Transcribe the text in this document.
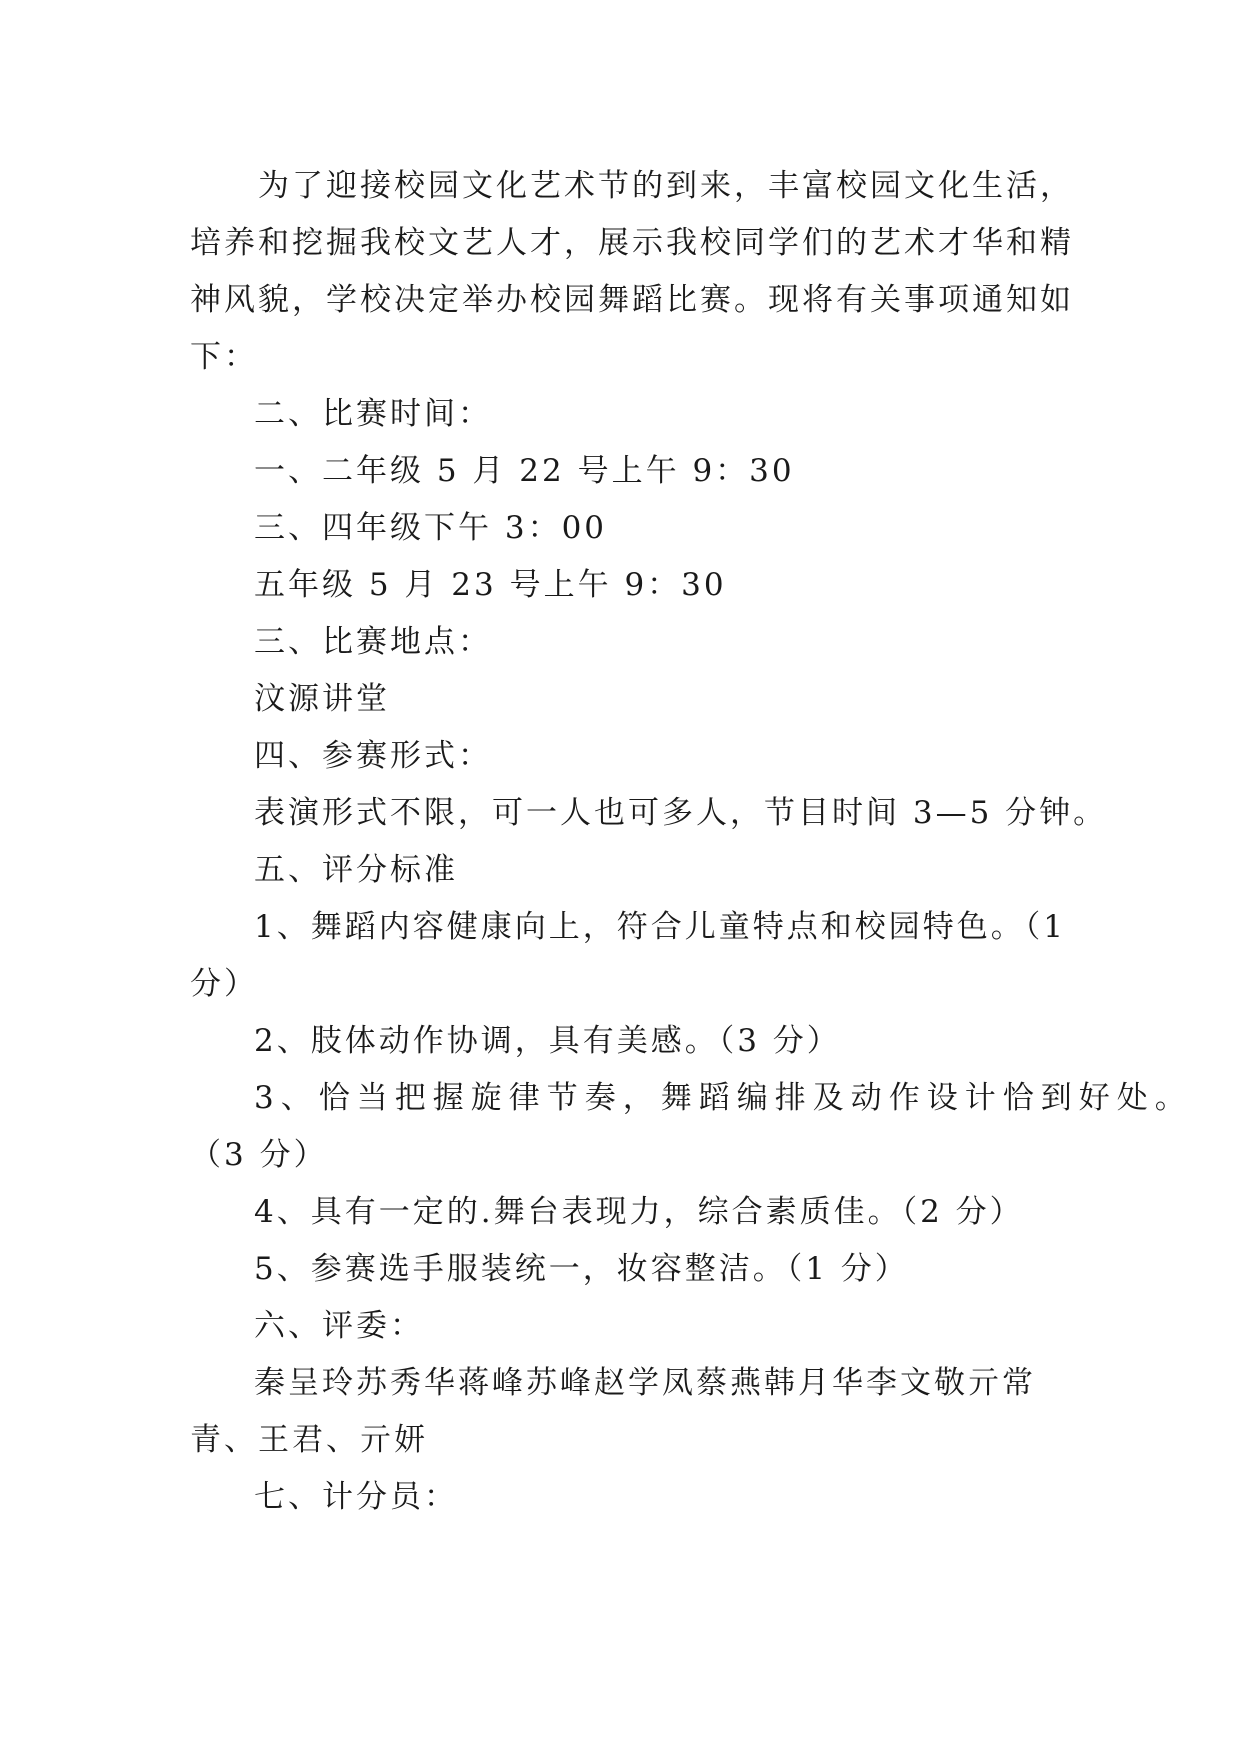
为了迎接校园文化艺术节的到来，丰富校园文化生活，
培养和挖掘我校文艺人才，展示我校同学们的艺术才华和精
神风貌，学校决定举办校园舞蹈比赛。现将有关事项通知如
下：
二、比赛时间：
一、二年级 5 月 22 号上午 9：30
三、四年级下午 3：00
五年级 5 月 23 号上午 9：30
三、比赛地点：
汶源讲堂
四、参赛形式：
表演形式不限，可一人也可多人，节目时间 3—5 分钟。
五、评分标准
1、舞蹈内容健康向上，符合儿童特点和校园特色。（1
分）
2、肢体动作协调，具有美感。（3 分）
3、恰当把握旋律节奏，舞蹈编排及动作设计恰到好处。
（3 分）
4、具有一定的.舞台表现力，综合素质佳。（2 分）
5、参赛选手服装统一，妆容整洁。（1 分）
六、评委：
秦呈玲苏秀华蒋峰苏峰赵学凤蔡燕韩月华李文敬亓常
青、王君、亓妍
七、计分员：
